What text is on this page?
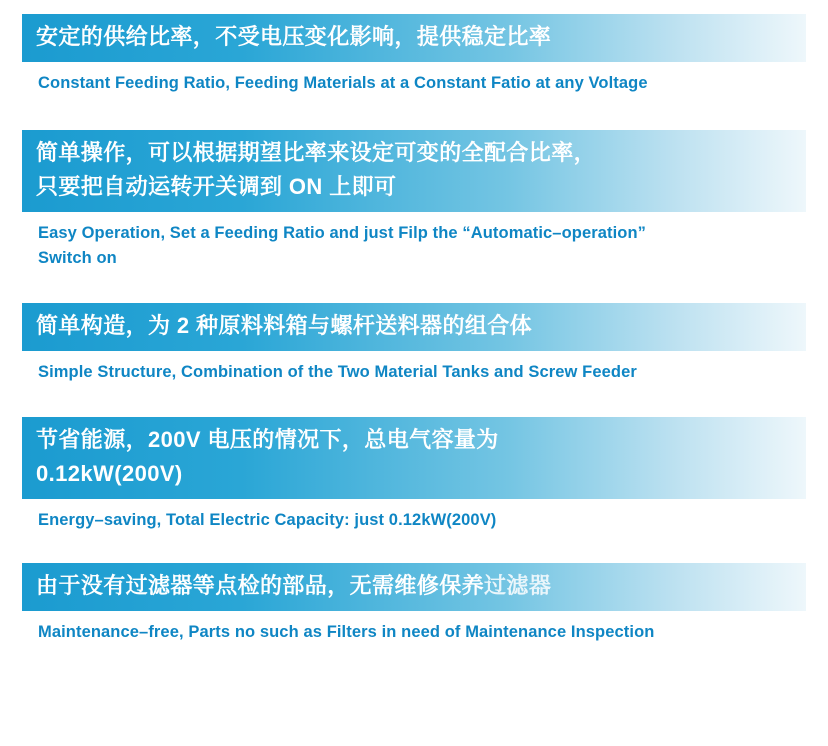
安定的供给比率，不受电压变化影响，提供稳定比率
Constant Feeding Ratio, Feeding Materials at a Constant Fatio at any Voltage
简单操作，可以根据期望比率来设定可变的全配合比率，
只要把自动运转开关调到 ON 上即可
Easy Operation, Set a Feeding Ratio and just Filp the “Automatic–operation”
Switch on
简单构造，为 2 种原料料箱与螺杆送料器的组合体
Simple Structure, Combination of the Two Material Tanks and Screw Feeder
节省能源，200V 电压的情况下，总电气容量为
0.12kW(200V)
Energy–saving, Total Electric Capacity: just 0.12kW(200V)
由于没有过滤器等点检的部品，无需维修保养过滤器
Maintenance–free, Parts no such as Filters in need of Maintenance Inspection
